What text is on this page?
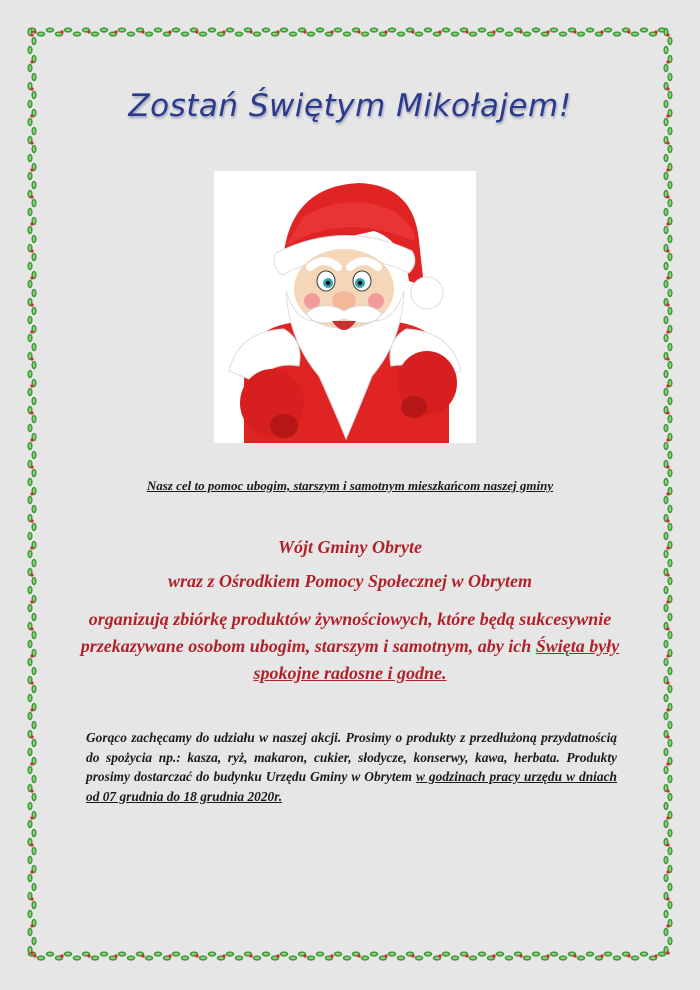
Zostań Świętym Mikołajem!
Nasz cel to pomoc ubogim, starszym i samotnym mieszkańcom naszej gminy
Wójt Gminy Obryte
wraz z Ośrodkiem Pomocy Społecznej w Obrytem
organizują zbiórkę produktów żywnościowych, które będą sukcesywnie przekazywane osobom ubogim, starszym i samotnym, aby ich Święta były spokojne radosne i godne.
Gorąco zachęcamy do udziału w naszej akcji. Prosimy o produkty z przedłużoną przydatnością do spożycia np.: kasza, ryż, makaron, cukier, słodycze, konserwy, kawa, herbata. Produkty prosimy dostarczać do budynku Urzędu Gminy w Obrytem w godzinach pracy urzędu w dniach od 07 grudnia do 18 grudnia 2020r.
